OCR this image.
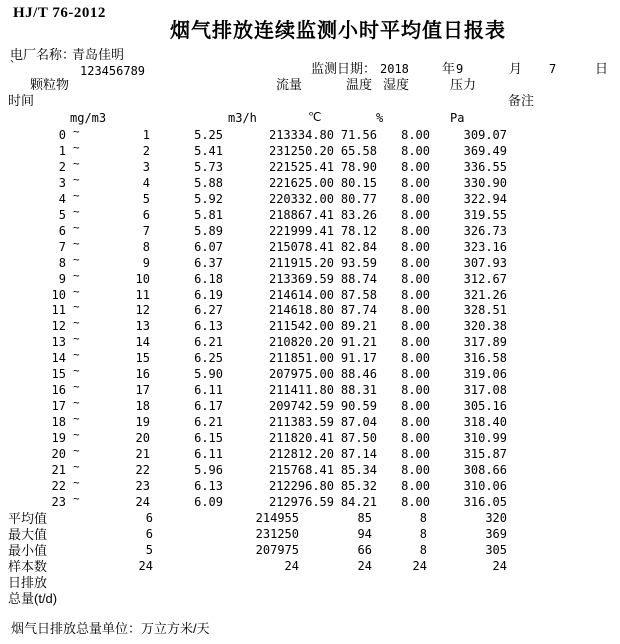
HJ/T 76-2012
烟气排放连续监测小时平均值日报表
电厂名称：
青岛佳明
`	123456789	监测日期： 2018	年 9	月 7	日
颗粒物	流量	温度 湿度	压力
时间	备注
mg/m3	m3/h	℃	%	Pa
0 ~	1	5.25	213334.80 71.56 8.00	309.07
1 ~	2	5.41	231250.20 65.58 8.00	369.49
2 ~	3	5.73	221525.41 78.90 8.00	336.55
3 ~	4	5.88	221625.00 80.15 8.00	330.90
4 ~	5	5.92	220332.00 80.77 8.00	322.94
5 ~	6	5.81	218867.41 83.26 8.00	319.55
6 ~	7	5.89	221999.41 78.12 8.00	326.73
7 ~	8	6.07	215078.41 82.84 8.00	323.16
8 ~	9	6.37	211915.20 93.59 8.00	307.93
9 ~	10	6.18	213369.59 88.74 8.00	312.67
10 ~	11	6.19	214614.00 87.58 8.00	321.26
11 ~	12	6.27	214618.80 87.74 8.00	328.51
12 ~	13	6.13	211542.00 89.21 8.00	320.38
13 ~	14	6.21	210820.20 91.21 8.00	317.89
14 ~	15	6.25	211851.00 91.17 8.00	316.58
15 ~	16	5.90	207975.00 88.46 8.00	319.06
16 ~	17	6.11	211411.80 88.31 8.00	317.08
17 ~	18	6.17	209742.59 90.59 8.00	305.16
18 ~	19	6.21	211383.59 87.04 8.00	318.40
19 ~	20	6.15	211820.41 87.50 8.00	310.99
20 ~	21	6.11	212812.20 87.14 8.00	315.87
21 ~	22	5.96	215768.41 85.34 8.00	308.66
22 ~	23	6.13	212296.80 85.32 8.00	310.06
23 ~	24	6.09	212976.59 84.21 8.00	316.05
平均值	6	214955	85	8	320
最大值	6	231250	94	8	369
最小值	5	207975	66	8	305
样本数	24	24	24	24	24
日排放
总量(t/d)
烟气日排放总量单位：万立方米/天
